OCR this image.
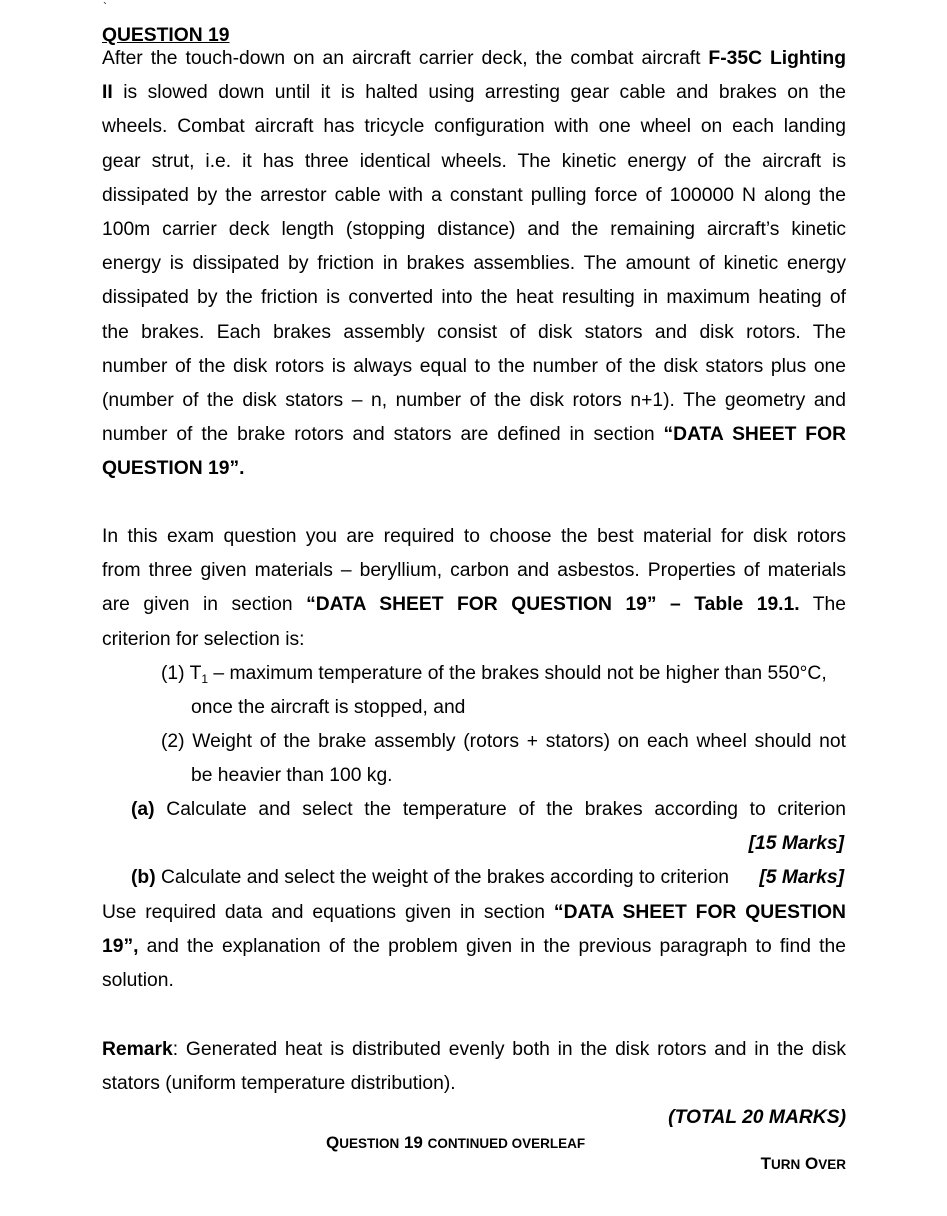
`
QUESTION 19
After the touch-down on an aircraft carrier deck, the combat aircraft F-35C Lighting
II is slowed down until it is halted using arresting gear cable and brakes on the
wheels. Combat aircraft has tricycle configuration with one wheel on each landing
gear strut, i.e. it has three identical wheels. The kinetic energy of the aircraft is
dissipated by the arrestor cable with a constant pulling force of 100000 N along the
100m carrier deck length (stopping distance) and the remaining aircraft’s kinetic
energy is dissipated by friction in brakes assemblies. The amount of kinetic energy
dissipated by the friction is converted into the heat resulting in maximum heating of
the brakes. Each brakes assembly consist of disk stators and disk rotors. The
number of the disk rotors is always equal to the number of the disk stators plus one
(number of the disk stators – n, number of the disk rotors n+1). The geometry and
number of the brake rotors and stators are defined in section “DATA SHEET FOR
QUESTION 19”.
In this exam question you are required to choose the best material for disk rotors
from three given materials – beryllium, carbon and asbestos. Properties of materials
are given in section “DATA SHEET FOR QUESTION 19” – Table 19.1. The
criterion for selection is:
(1) $T_1$ – maximum temperature of the brakes should not be higher than 550°C,
once the aircraft is stopped, and
(2) Weight of the brake assembly (rotors + stators) on each wheel should not
be heavier than 100 kg.
(a) Calculate and select the temperature of the brakes according to criterion
[15 Marks]
(b) Calculate and select the weight of the brakes according to criterion [5 Marks]
Use required data and equations given in section “DATA SHEET FOR QUESTION
19”, and the explanation of the problem given in the previous paragraph to find the
solution.
Remark: Generated heat is distributed evenly both in the disk rotors and in the disk
stators (uniform temperature distribution).
(TOTAL 20 MARKS)
QUESTION 19 CONTINUED OVERLEAF
TURN OVER
